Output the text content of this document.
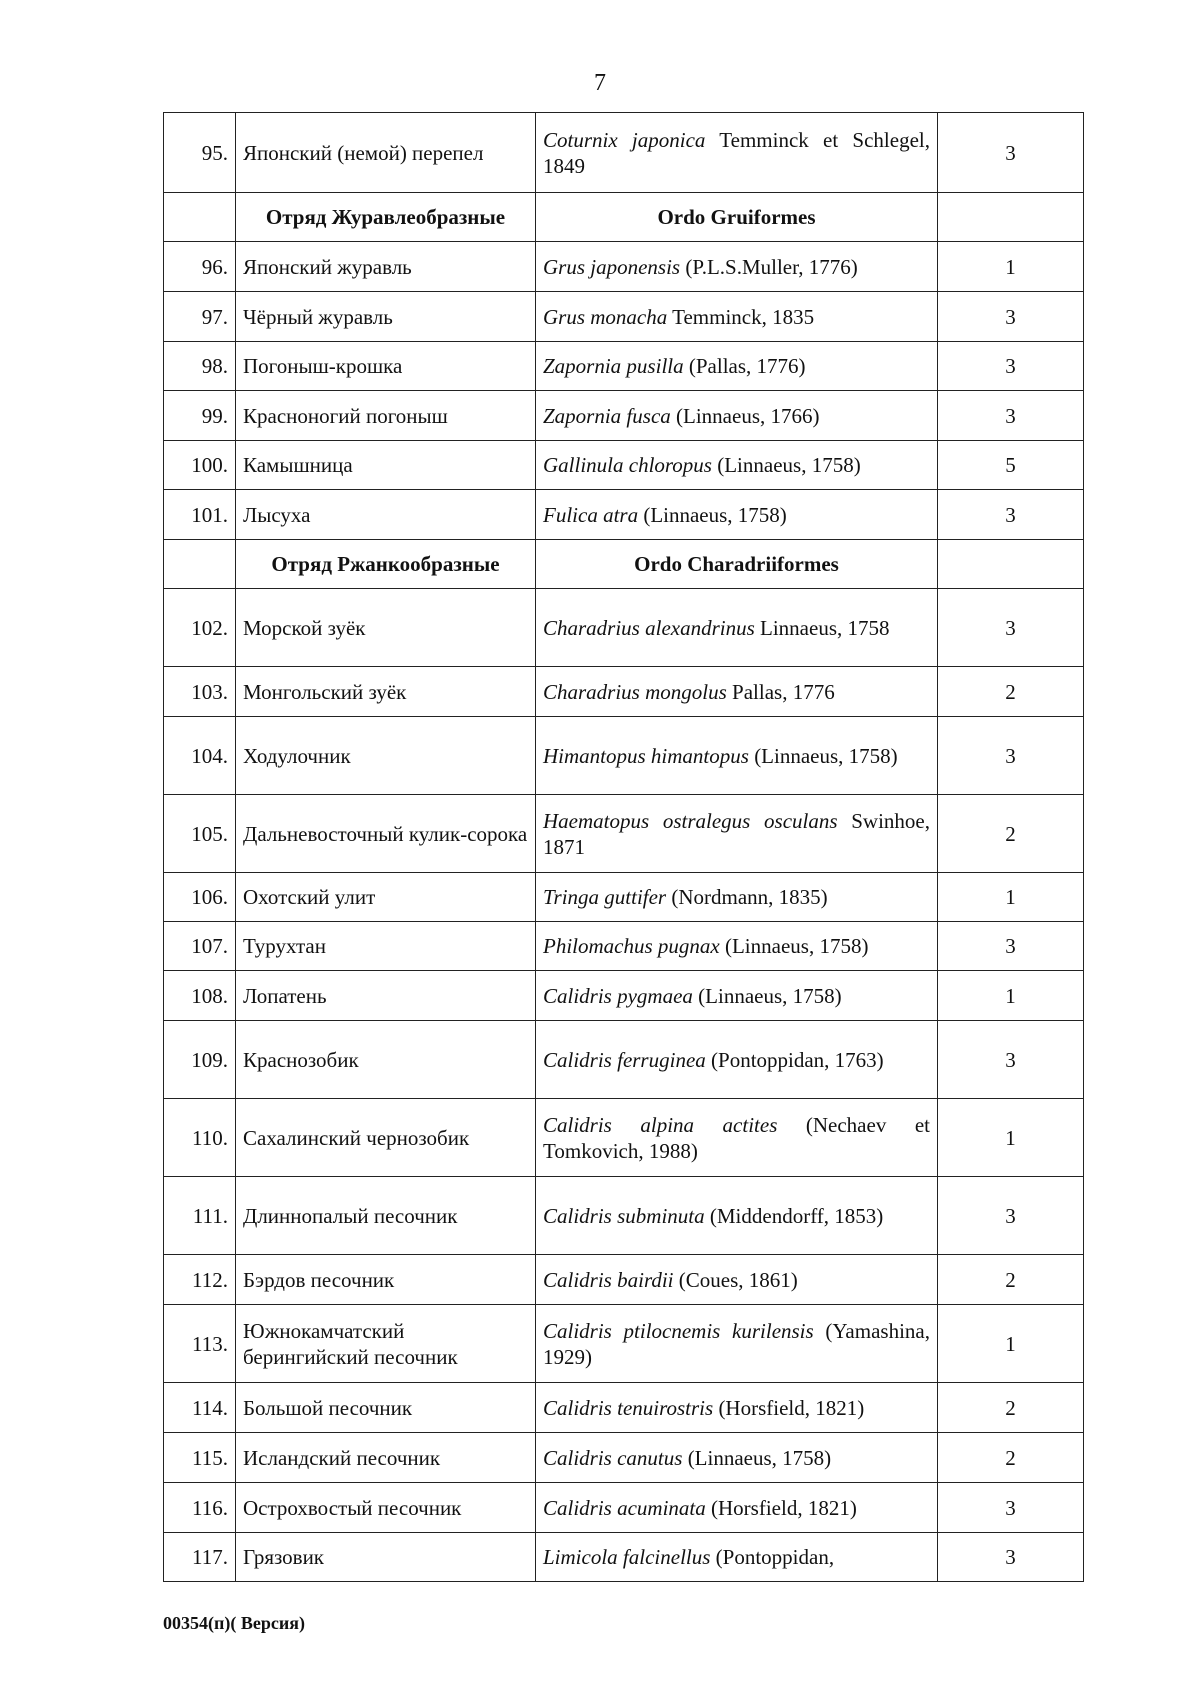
7
95.	Японский (немой) перепел	Coturnix japonica Temminck et Schlegel, 1849	3
	Отряд Журавлеобразные	Ordo Gruiformes	
96.	Японский журавль	Grus japonensis (P.L.S.Muller, 1776)	1
97.	Чёрный журавль	Grus monacha Temminck, 1835	3
98.	Погоныш-крошка	Zapornia pusilla (Pallas, 1776)	3
99.	Красноногий погоныш	Zapornia fusca (Linnaeus, 1766)	3
100.	Камышница	Gallinula chloropus (Linnaeus, 1758)	5
101.	Лысуха	Fulica atra (Linnaeus, 1758)	3
	Отряд Ржанкообразные	Ordo Charadriiformes	
102.	Морской зуёк	Charadrius alexandrinus Linnaeus, 1758	3
103.	Монгольский зуёк	Charadrius mongolus Pallas, 1776	2
104.	Ходулочник	Himantopus himantopus (Linnaeus, 1758)	3
105.	Дальневосточный кулик-сорока	Haematopus ostralegus osculans Swinhoe, 1871	2
106.	Охотский улит	Tringa guttifer (Nordmann, 1835)	1
107.	Турухтан	Philomachus pugnax (Linnaeus, 1758)	3
108.	Лопатень	Calidris pygmaea (Linnaeus, 1758)	1
109.	Краснозобик	Calidris ferruginea (Pontoppidan, 1763)	3
110.	Сахалинский чернозобик	Calidris alpina actites (Nechaev et Tomkovich, 1988)	1
111.	Длиннопалый песочник	Calidris subminuta (Middendorff, 1853)	3
112.	Бэрдов песочник	Calidris bairdii (Coues, 1861)	2
113.	Южнокамчатский берингийский песочник	Calidris ptilocnemis kurilensis (Yamashina, 1929)	1
114.	Большой песочник	Calidris tenuirostris (Horsfield, 1821)	2
115.	Исландский песочник	Calidris canutus (Linnaeus, 1758)	2
116.	Острохвостый песочник	Calidris acuminata (Horsfield, 1821)	3
117.	Грязовик	Limicola falcinellus (Pontoppidan,	3
00354(п)( Версия)
